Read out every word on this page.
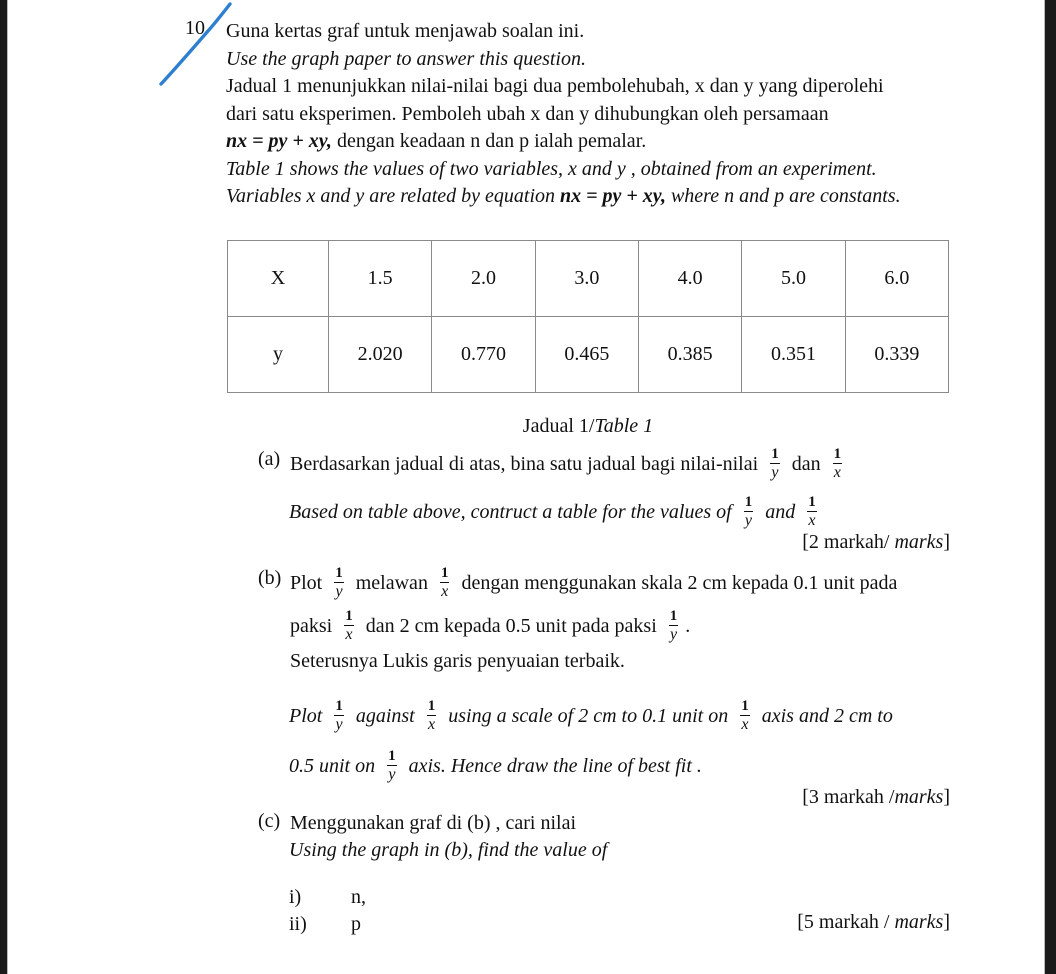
10 Guna kertas graf untuk menjawab soalan ini.
Use the graph paper to answer this question.
Jadual 1 menunjukkan nilai-nilai bagi dua pembolehubah, x dan y yang diperolehi
dari satu eksperimen. Pemboleh ubah x dan y dihubungkan oleh persamaan
nx = py + xy, dengan keadaan n dan p ialah pemalar.
Table 1 shows the values of two variables, x and y , obtained from an experiment.
Variables x and y are related by equation nx = py + xy, where n and p are constants.
X	1.5	2.0	3.0	4.0	5.0	6.0
y	2.020	0.770	0.465	0.385	0.351	0.339
Jadual 1/Table 1
(a) Berdasarkan jadual di atas, bina satu jadual bagi nilai-nilai $\frac{1}{y}$ dan $\frac{1}{x}$
Based on table above, contruct a table for the values of $\frac{1}{y}$ and $\frac{1}{x}$
[2 markah/ marks]
(b) Plot $\frac{1}{y}$ melawan $\frac{1}{x}$ dengan menggunakan skala 2 cm kepada 0.1 unit pada
paksi $\frac{1}{x}$ dan 2 cm kepada 0.5 unit pada paksi $\frac{1}{y}$ .
Seterusnya Lukis garis penyuaian terbaik.
Plot $\frac{1}{y}$ against $\frac{1}{x}$ using a scale of 2 cm to 0.1 unit on $\frac{1}{x}$ axis and 2 cm to
0.5 unit on $\frac{1}{y}$ axis. Hence draw the line of best fit .
[3 markah /marks]
(c) Menggunakan graf di (b) , cari nilai
Using the graph in (b), find the value of
i) n,
ii) p	[5 markah / marks]
